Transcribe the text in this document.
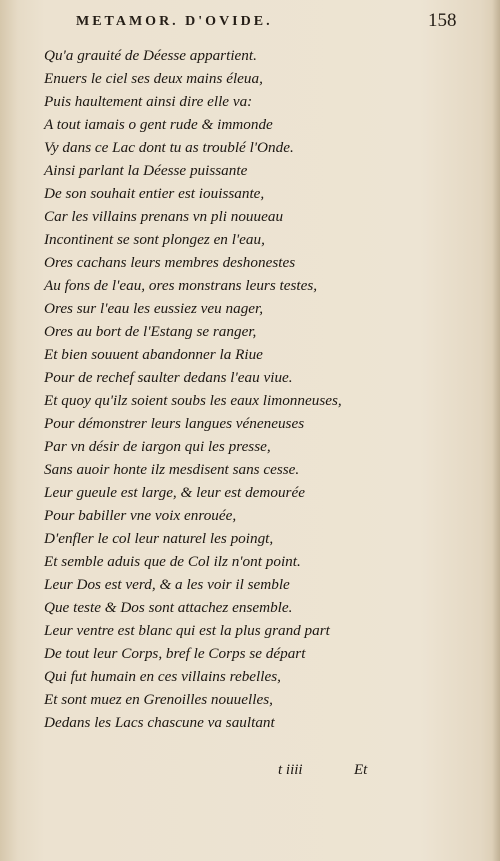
METAMOR. D'OVIDE.	158
Qu'a grauité de Déesse appartient.
Enuers le ciel ses deux mains éleua,
Puis haultement ainsi dire elle va:
A tout iamais o gent rude & immonde
Vy dans ce Lac dont tu as troublé l'Onde.
Ainsi parlant la Déesse puissante
De son souhait entier est iouissante,
Car les villains prenans vn pli nouueau
Incontinent se sont plongez en l'eau,
Ores cachans leurs membres deshonestes
Au fons de l'eau, ores monstrans leurs testes,
Ores sur l'eau les eussiez veu nager,
Ores au bort de l'Estang se ranger,
Et bien souuent abandonner la Riue
Pour de rechef saulter dedans l'eau viue.
Et quoy qu'ilz soient soubs les eaux limonneuses,
Pour démonstrer leurs langues véneneuses
Par vn désir de iargon qui les presse,
Sans auoir honte ilz mesdisent sans cesse.
Leur gueule est large, & leur est demourée
Pour babiller vne voix enrouée,
D'enfler le col leur naturel les poingt,
Et semble aduis que de Col ilz n'ont point.
Leur Dos est verd, & a les voir il semble
Que teste & Dos sont attachez ensemble.
Leur ventre est blanc qui est la plus grand part
De tout leur Corps, bref le Corps se départ
Qui fut humain en ces villains rebelles,
Et sont muez en Grenoilles nouuelles,
Dedans les Lacs chascune va saultant
t iiii	Et
